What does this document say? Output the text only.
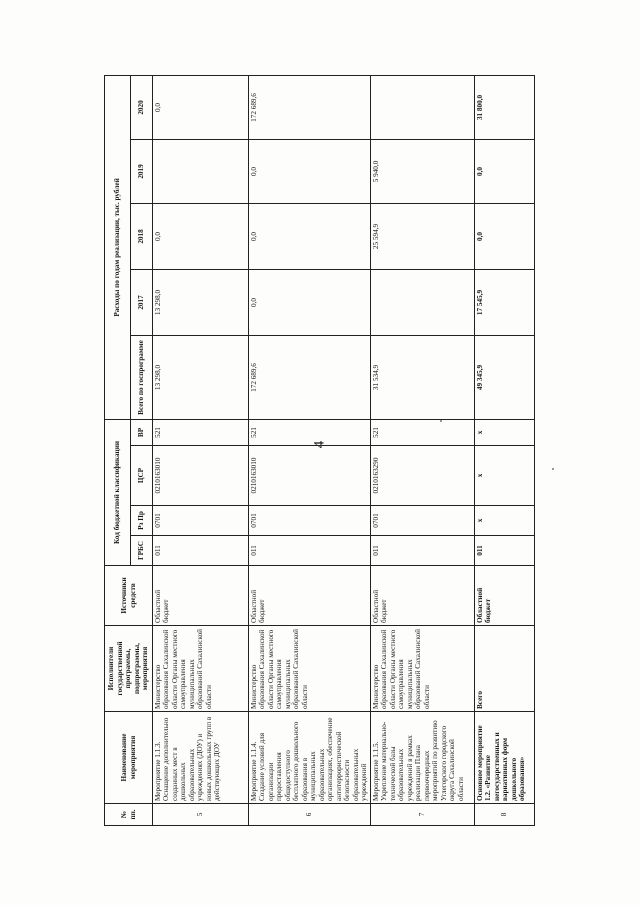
4
№ пп.	Наименование мероприятия	Исполнители государственной программы, подпрограммы, мероприятия	Источники средств	Код бюджетной классификации				Расходы по годам реализации, тыс. рублей				
				ГРБС	Рз Пр	ЦСР	ВР	Всего по госпрограмме	2017	2018	2019	2020
5	Мероприятие 1.1.3. Оснащение дополнительно созданных мест в дошкольных образовательных учреждениях (ДОУ) и новых дошкольных групп в действующих ДОУ	Министерство образования Сахалинской области Органы местного самоуправления муниципальных образований Сахалинской области	Областной бюджет	011	0701	0210163010	521	13 298,0	13 298,0	0,0		0,0
6	Мероприятие 1.1.4. Создание условий для организации предоставления общедоступного бесплатного дошкольного образования в муниципальных образовательных организациях, обеспечение антитеррористической безопасности образовательных учреждений	Министерство образования Сахалинской области Органы местного самоуправления муниципальных образований Сахалинской области	Областной бюджет	011	0701	0210163010	521	172 689,6	0,0	0,0	0,0	172 689,6
7	Мероприятие 1.1.5. Укрепление материально-технической базы образовательных учреждений в рамках реализации Плана первоочередных мероприятий по развитию Углегорского городского округа Сахалинской области	Министерство образования Сахалинской области Органы местного самоуправления муниципальных образований Сахалинской области	Областной бюджет	011	0701	0210163290	521	31 534,9		25 594,9	5 940,0	
8	Основное мероприятие 1.2. «Развитие негосударственных и вариативных форм дошкольного образования»	Всего	Областной бюджет	011	x	x	x	49 345,9	17 545,9	0,0	0,0	31 800,0
